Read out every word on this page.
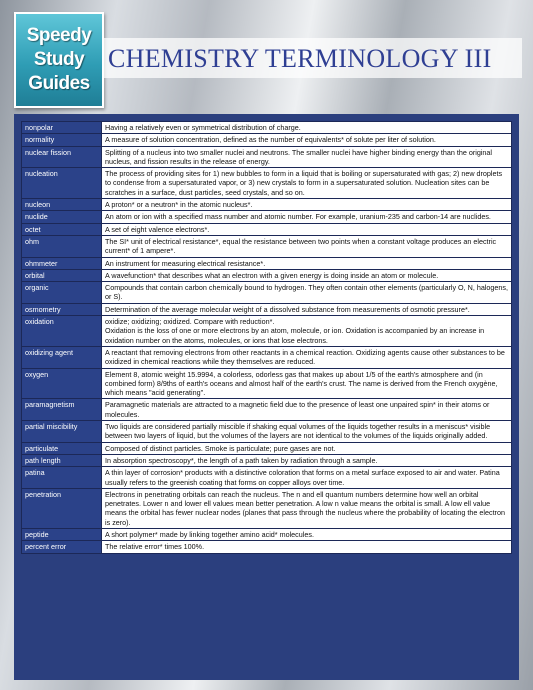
Speedy
Study
Guides
CHEMISTRY TERMINOLOGY III
nonpolar	Having a relatively even or symmetrical distribution of charge.
normality	A measure of solution concentration, defined as the number of equivalents* of solute per liter of solution.
nuclear fission	Splitting of a nucleus into two smaller nuclei and neutrons. The smaller nuclei have higher binding energy than the original nucleus, and fission results in the release of energy.
nucleation	The process of providing sites for 1) new bubbles to form in a liquid that is boiling or supersaturated with gas; 2) new droplets to condense from a supersaturated vapor, or 3) new crystals to form in a supersaturated solution. Nucleation sites can be scratches in a surface, dust particles, seed crystals, and so on.
nucleon	A proton* or a neutron* in the atomic nucleus*.
nuclide	An atom or ion with a specified mass number and atomic number. For example, uranium-235 and carbon-14 are nuclides.
octet	A set of eight valence electrons*.
ohm	The SI* unit of electrical resistance*, equal the resistance between two points when a constant voltage produces an electric current* of 1 ampere*.
ohmmeter	An instrument for measuring electrical resistance*.
orbital	A wavefunction* that describes what an electron with a given energy is doing inside an atom or molecule.
organic	Compounds that contain carbon chemically bound to hydrogen. They often contain other elements (particularly O, N, halogens, or S).
osmometry	Determination of the average molecular weight of a dissolved substance from measurements of osmotic pressure*.
oxidation	oxidize; oxidizing; oxidized. Compare with reduction*.
Oxidation is the loss of one or more electrons by an atom, molecule, or ion. Oxidation is accompanied by an increase in oxidation number on the atoms, molecules, or ions that lose electrons.
oxidizing agent	A reactant that removing electrons from other reactants in a chemical reaction. Oxidizing agents cause other substances to be oxidized in chemical reactions while they themselves are reduced.
oxygen	Element 8, atomic weight 15.9994, a colorless, odorless gas that makes up about 1/5 of the earth's atmosphere and (in combined form) 8/9ths of earth's oceans and almost half of the earth's crust. The name is derived from the French oxygène, which means "acid generating".
paramagnetism	Paramagnetic materials are attracted to a magnetic field due to the presence of least one unpaired spin* in their atoms or molecules.
partial miscibility	Two liquids are considered partially miscible if shaking equal volumes of the liquids together results in a meniscus* visible between two layers of liquid, but the volumes of the layers are not identical to the volumes of the liquids originally added.
particulate	Composed of distinct particles. Smoke is particulate; pure gases are not.
path length	In absorption spectroscopy*, the length of a path taken by radiation through a sample.
patina	A thin layer of corrosion* products with a distinctive coloration that forms on a metal surface exposed to air and water. Patina usually refers to the greenish coating that forms on copper alloys over time.
penetration	Electrons in penetrating orbitals can reach the nucleus. The n and ell quantum numbers determine how well an orbital penetrates. Lower n and lower ell values mean better penetration. A low n value means the orbital is small. A low ell value means the orbital has fewer nuclear nodes (planes that pass through the nucleus where the probability of locating the electron is zero).
peptide	A short polymer* made by linking together amino acid* molecules.
percent error	The relative error* times 100%.
